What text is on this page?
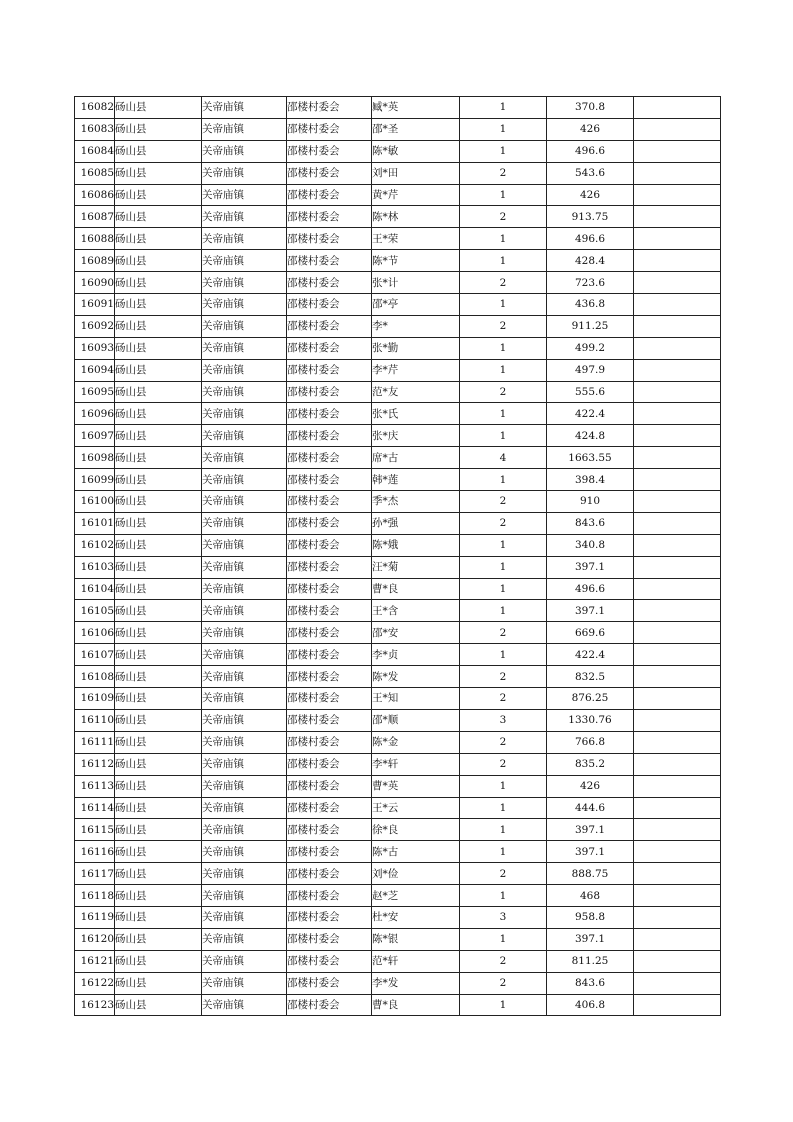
16082	砀山县	关帝庙镇	邵楼村委会	臧*英	1	370.8	
16083	砀山县	关帝庙镇	邵楼村委会	邵*圣	1	426	
16084	砀山县	关帝庙镇	邵楼村委会	陈*敏	1	496.6	
16085	砀山县	关帝庙镇	邵楼村委会	刘*田	2	543.6	
16086	砀山县	关帝庙镇	邵楼村委会	黄*芹	1	426	
16087	砀山县	关帝庙镇	邵楼村委会	陈*林	2	913.75	
16088	砀山县	关帝庙镇	邵楼村委会	王*荣	1	496.6	
16089	砀山县	关帝庙镇	邵楼村委会	陈*节	1	428.4	
16090	砀山县	关帝庙镇	邵楼村委会	张*计	2	723.6	
16091	砀山县	关帝庙镇	邵楼村委会	邵*亭	1	436.8	
16092	砀山县	关帝庙镇	邵楼村委会	李*	2	911.25	
16093	砀山县	关帝庙镇	邵楼村委会	张*勤	1	499.2	
16094	砀山县	关帝庙镇	邵楼村委会	李*芹	1	497.9	
16095	砀山县	关帝庙镇	邵楼村委会	范*友	2	555.6	
16096	砀山县	关帝庙镇	邵楼村委会	张*氏	1	422.4	
16097	砀山县	关帝庙镇	邵楼村委会	张*庆	1	424.8	
16098	砀山县	关帝庙镇	邵楼村委会	席*古	4	1663.55	
16099	砀山县	关帝庙镇	邵楼村委会	韩*莲	1	398.4	
16100	砀山县	关帝庙镇	邵楼村委会	季*杰	2	910	
16101	砀山县	关帝庙镇	邵楼村委会	孙*强	2	843.6	
16102	砀山县	关帝庙镇	邵楼村委会	陈*娥	1	340.8	
16103	砀山县	关帝庙镇	邵楼村委会	汪*菊	1	397.1	
16104	砀山县	关帝庙镇	邵楼村委会	曹*良	1	496.6	
16105	砀山县	关帝庙镇	邵楼村委会	王*含	1	397.1	
16106	砀山县	关帝庙镇	邵楼村委会	邵*安	2	669.6	
16107	砀山县	关帝庙镇	邵楼村委会	李*贞	1	422.4	
16108	砀山县	关帝庙镇	邵楼村委会	陈*发	2	832.5	
16109	砀山县	关帝庙镇	邵楼村委会	王*知	2	876.25	
16110	砀山县	关帝庙镇	邵楼村委会	邵*顺	3	1330.76	
16111	砀山县	关帝庙镇	邵楼村委会	陈*金	2	766.8	
16112	砀山县	关帝庙镇	邵楼村委会	李*轩	2	835.2	
16113	砀山县	关帝庙镇	邵楼村委会	曹*英	1	426	
16114	砀山县	关帝庙镇	邵楼村委会	王*云	1	444.6	
16115	砀山县	关帝庙镇	邵楼村委会	徐*良	1	397.1	
16116	砀山县	关帝庙镇	邵楼村委会	陈*古	1	397.1	
16117	砀山县	关帝庙镇	邵楼村委会	刘*俭	2	888.75	
16118	砀山县	关帝庙镇	邵楼村委会	赵*芝	1	468	
16119	砀山县	关帝庙镇	邵楼村委会	杜*安	3	958.8	
16120	砀山县	关帝庙镇	邵楼村委会	陈*银	1	397.1	
16121	砀山县	关帝庙镇	邵楼村委会	范*轩	2	811.25	
16122	砀山县	关帝庙镇	邵楼村委会	李*发	2	843.6	
16123	砀山县	关帝庙镇	邵楼村委会	曹*良	1	406.8	
